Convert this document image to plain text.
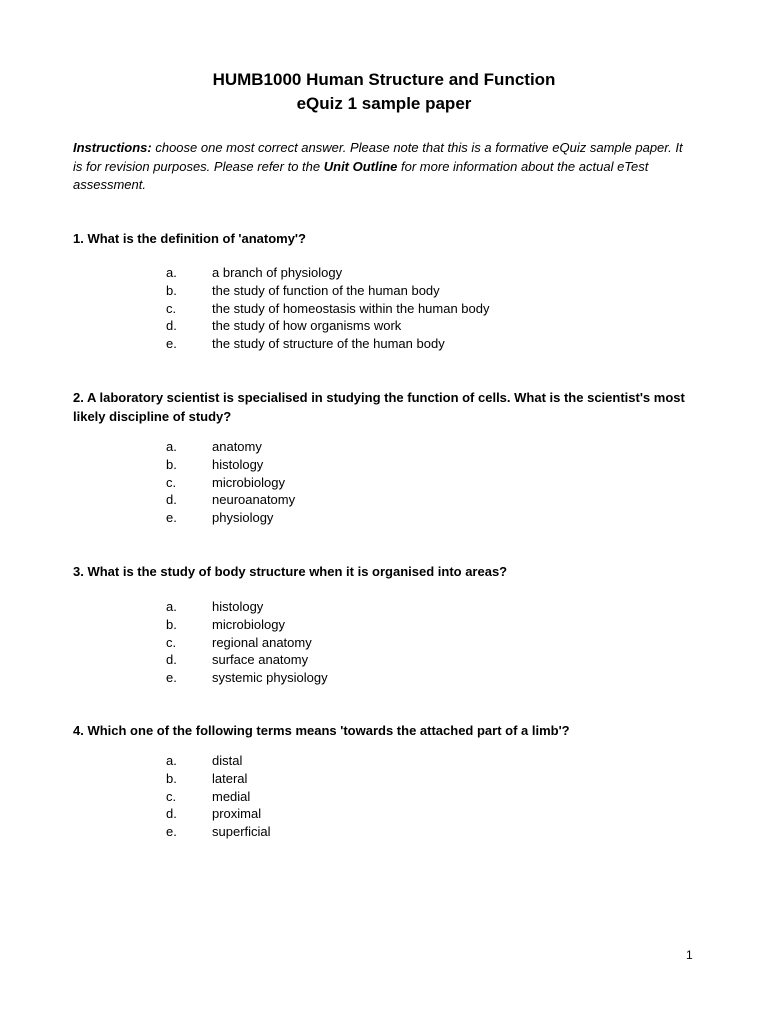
HUMB1000 Human Structure and Function
eQuiz 1 sample paper
Instructions: choose one most correct answer. Please note that this is a formative eQuiz sample paper. It is for revision purposes. Please refer to the Unit Outline for more information about the actual eTest assessment.
1. What is the definition of 'anatomy'?
a.	a branch of physiology
b.	the study of function of the human body
c.	the study of homeostasis within the human body
d.	the study of how organisms work
e.	the study of structure of the human body
2. A laboratory scientist is specialised in studying the function of cells. What is the scientist's most likely discipline of study?
a.	anatomy
b.	histology
c.	microbiology
d.	neuroanatomy
e.	physiology
3. What is the study of body structure when it is organised into areas?
a.	histology
b.	microbiology
c.	regional anatomy
d.	surface anatomy
e.	systemic physiology
4. Which one of the following terms means 'towards the attached part of a limb'?
a.	distal
b.	lateral
c.	medial
d.	proximal
e.	superficial
1
